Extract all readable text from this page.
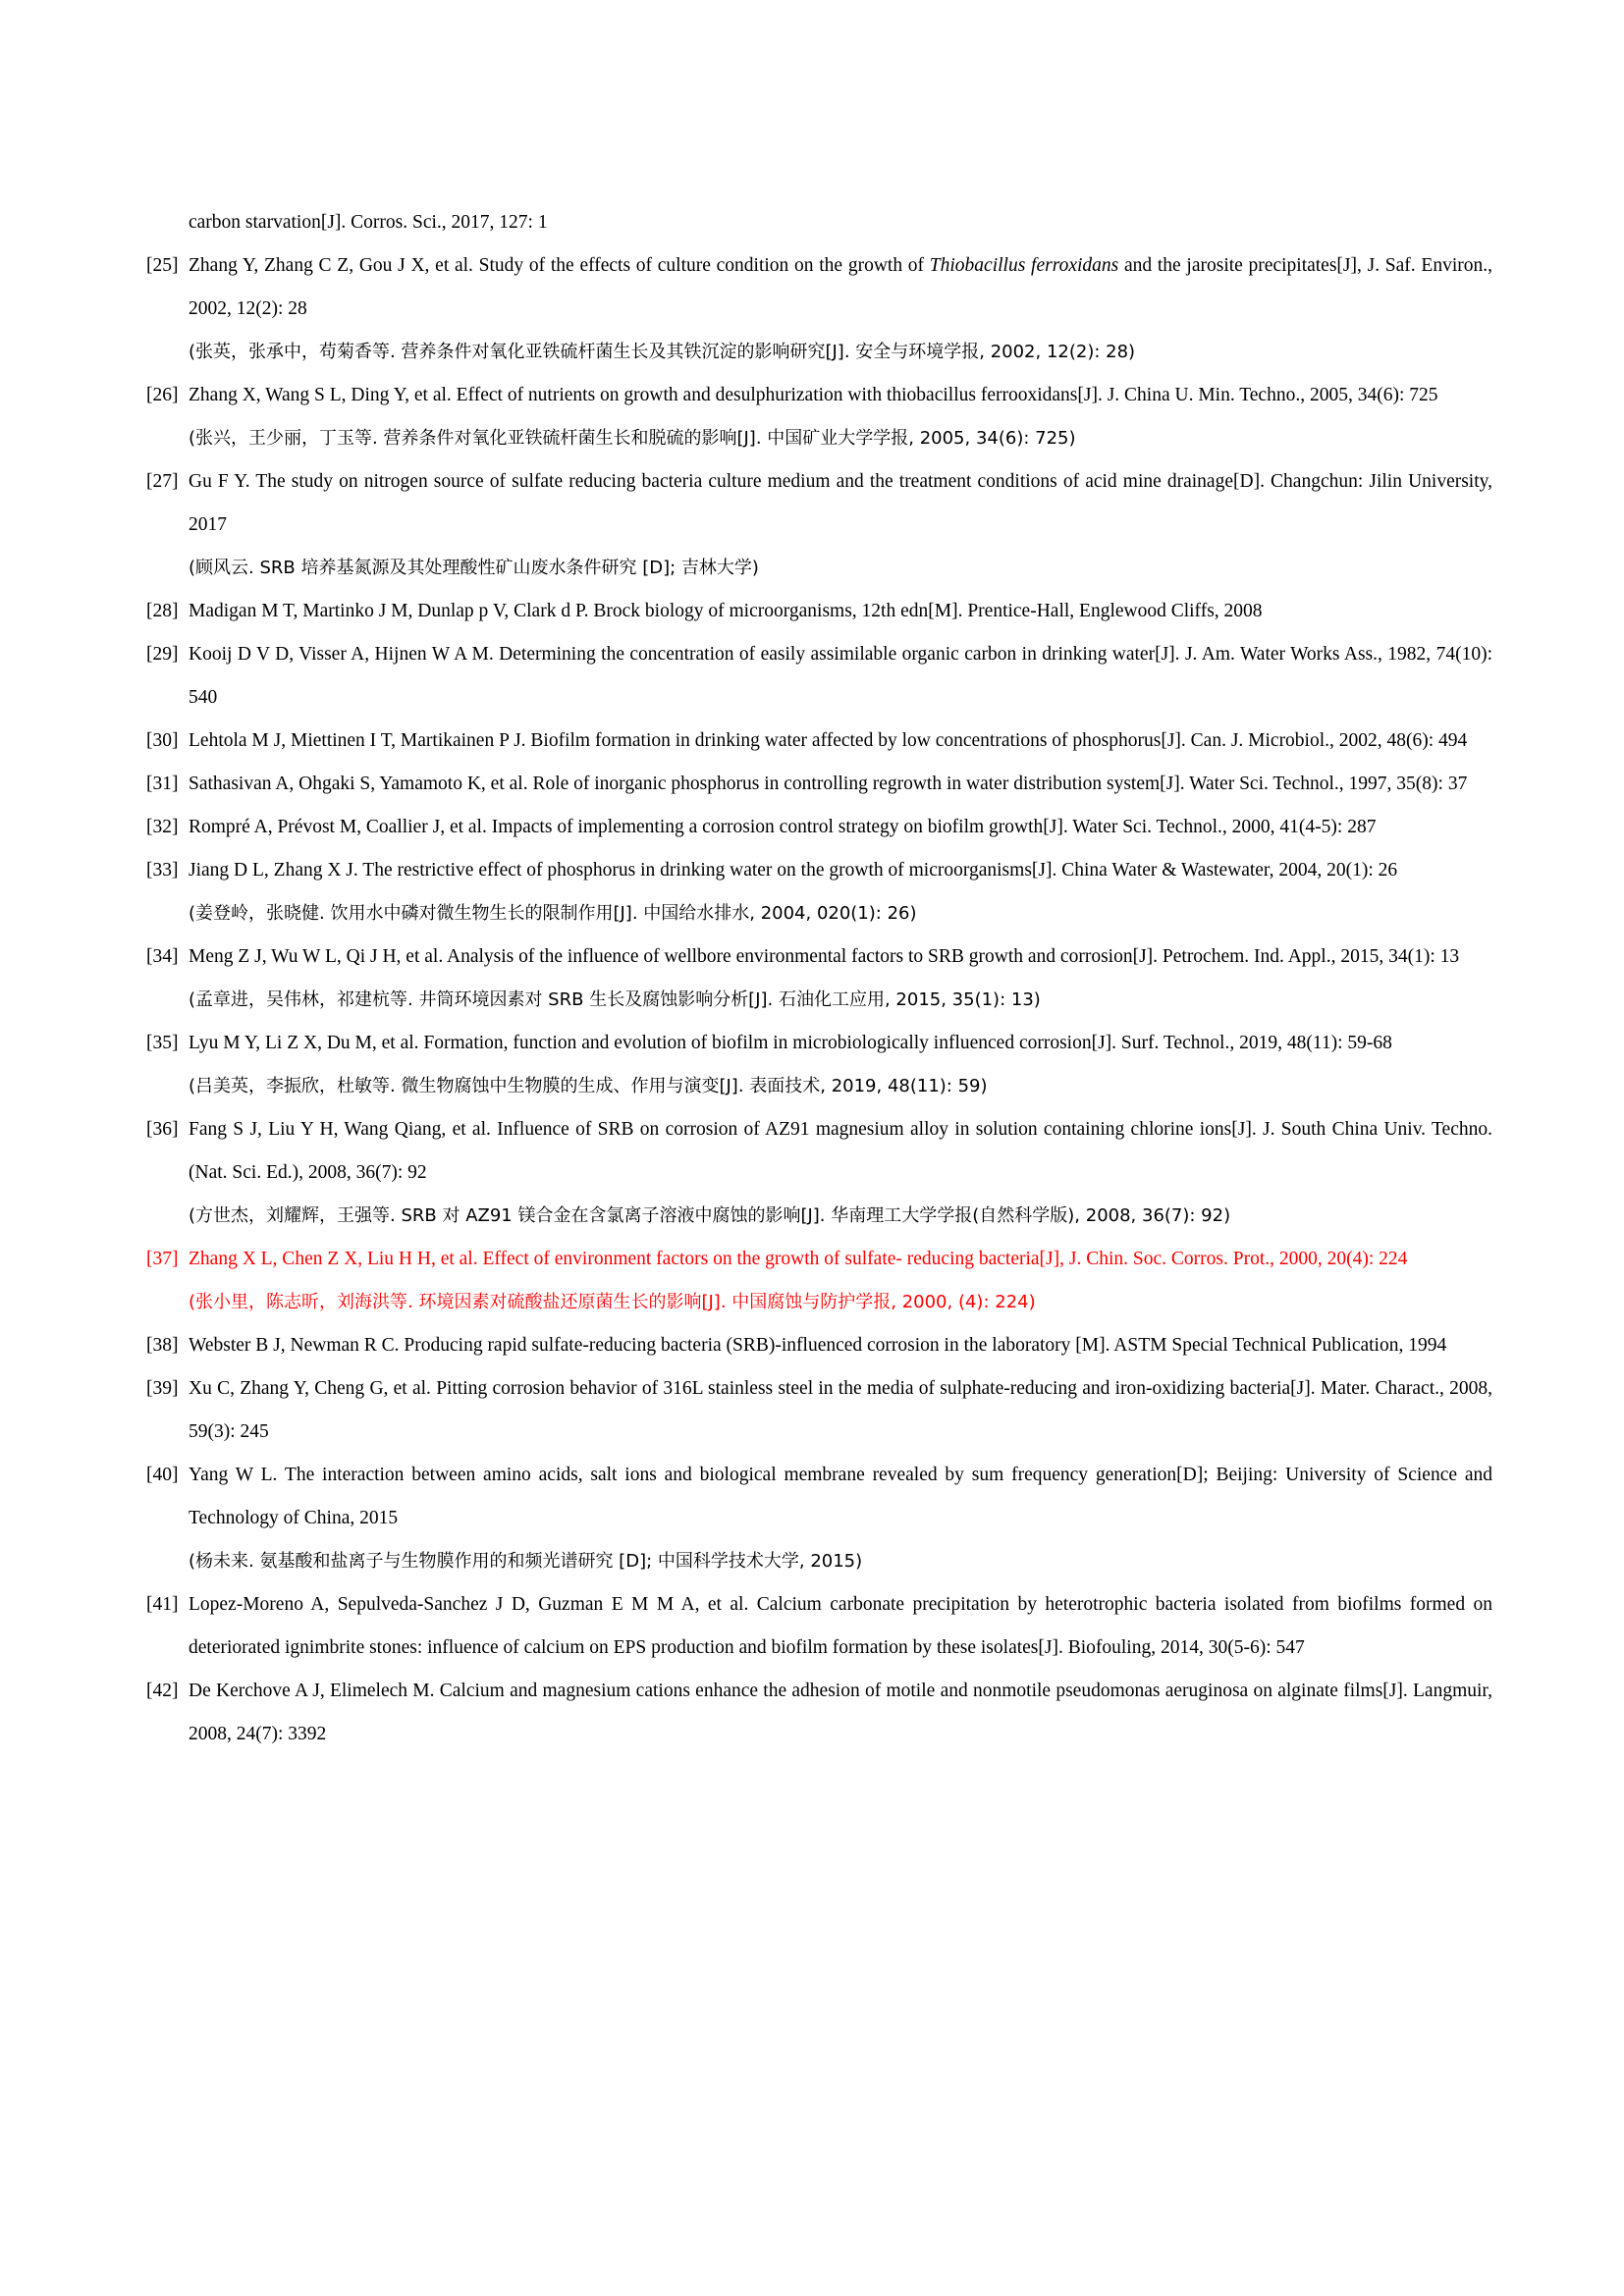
carbon starvation[J]. Corros. Sci., 2017, 127: 1
[25] Zhang Y, Zhang C Z, Gou J X, et al. Study of the effects of culture condition on the growth of Thiobacillus ferroxidans and the jarosite precipitates[J], J. Saf. Environ., 2002, 12(2): 28
(张英，张承中，苟菊香等. 营养条件对氧化亚铁硫杆菌生长及其铁沉淀的影响研究[J]. 安全与环境学报, 2002, 12(2): 28)
[26] Zhang X, Wang S L, Ding Y, et al. Effect of nutrients on growth and desulphurization with thiobacillus ferrooxidans[J]. J. China U. Min. Techno., 2005, 34(6): 725
(张兴，王少丽，丁玉等. 营养条件对氧化亚铁硫杆菌生长和脱硫的影响[J]. 中国矿业大学学报, 2005, 34(6): 725)
[27] Gu F Y. The study on nitrogen source of sulfate reducing bacteria culture medium and the treatment conditions of acid mine drainage[D]. Changchun: Jilin University, 2017
(顾风云. SRB 培养基氮源及其处理酸性矿山废水条件研究 [D]; 吉林大学)
[28] Madigan M T, Martinko J M, Dunlap p V, Clark d P. Brock biology of microorganisms, 12th edn[M]. Prentice-Hall, Englewood Cliffs, 2008
[29] Kooij D V D, Visser A, Hijnen W A M. Determining the concentration of easily assimilable organic carbon in drinking water[J]. J. Am. Water Works Ass., 1982, 74(10): 540
[30] Lehtola M J, Miettinen I T, Martikainen P J. Biofilm formation in drinking water affected by low concentrations of phosphorus[J]. Can. J. Microbiol., 2002, 48(6): 494
[31] Sathasivan A, Ohgaki S, Yamamoto K, et al. Role of inorganic phosphorus in controlling regrowth in water distribution system[J]. Water Sci. Technol., 1997, 35(8): 37
[32] Rompré A, Prévost M, Coallier J, et al. Impacts of implementing a corrosion control strategy on biofilm growth[J]. Water Sci. Technol., 2000, 41(4-5): 287
[33] Jiang D L, Zhang X J. The restrictive effect of phosphorus in drinking water on the growth of microorganisms[J]. China Water & Wastewater, 2004, 20(1): 26
(姜登岭，张晓健. 饮用水中磷对微生物生长的限制作用[J]. 中国给水排水, 2004, 020(1): 26)
[34] Meng Z J, Wu W L, Qi J H, et al. Analysis of the influence of wellbore environmental factors to SRB growth and corrosion[J]. Petrochem. Ind. Appl., 2015, 34(1): 13
(孟章进，吴伟林，祁建杭等. 井筒环境因素对 SRB 生长及腐蚀影响分析[J]. 石油化工应用, 2015, 35(1): 13)
[35] Lyu M Y, Li Z X, Du M, et al. Formation, function and evolution of biofilm in microbiologically influenced corrosion[J]. Surf. Technol., 2019, 48(11): 59-68
(吕美英，李振欣，杜敏等. 微生物腐蚀中生物膜的生成、作用与演变[J]. 表面技术, 2019, 48(11): 59)
[36] Fang S J, Liu Y H, Wang Qiang, et al. Influence of SRB on corrosion of AZ91 magnesium alloy in solution containing chlorine ions[J]. J. South China Univ. Techno. (Nat. Sci. Ed.), 2008, 36(7): 92
(方世杰，刘耀辉，王强等. SRB 对 AZ91 镁合金在含氯离子溶液中腐蚀的影响[J]. 华南理工大学学报(自然科学版), 2008, 36(7): 92)
[37] Zhang X L, Chen Z X, Liu H H, et al. Effect of environment factors on the growth of sulfate- reducing bacteria[J], J. Chin. Soc. Corros. Prot., 2000, 20(4): 224
(张小里，陈志昕，刘海洪等. 环境因素对硫酸盐还原菌生长的影响[J]. 中国腐蚀与防护学报, 2000, (4): 224)
[38] Webster B J, Newman R C. Producing rapid sulfate-reducing bacteria (SRB)-influenced corrosion in the laboratory [M]. ASTM Special Technical Publication, 1994
[39] Xu C, Zhang Y, Cheng G, et al. Pitting corrosion behavior of 316L stainless steel in the media of sulphate-reducing and iron-oxidizing bacteria[J]. Mater. Charact., 2008, 59(3): 245
[40] Yang W L. The interaction between amino acids, salt ions and biological membrane revealed by sum frequency generation[D]; Beijing: University of Science and Technology of China, 2015
(杨未来. 氨基酸和盐离子与生物膜作用的和频光谱研究 [D]; 中国科学技术大学, 2015)
[41] Lopez-Moreno A, Sepulveda-Sanchez J D, Guzman E M M A, et al. Calcium carbonate precipitation by heterotrophic bacteria isolated from biofilms formed on deteriorated ignimbrite stones: influence of calcium on EPS production and biofilm formation by these isolates[J]. Biofouling, 2014, 30(5-6): 547
[42] De Kerchove A J, Elimelech M. Calcium and magnesium cations enhance the adhesion of motile and nonmotile pseudomonas aeruginosa on alginate films[J]. Langmuir, 2008, 24(7): 3392
